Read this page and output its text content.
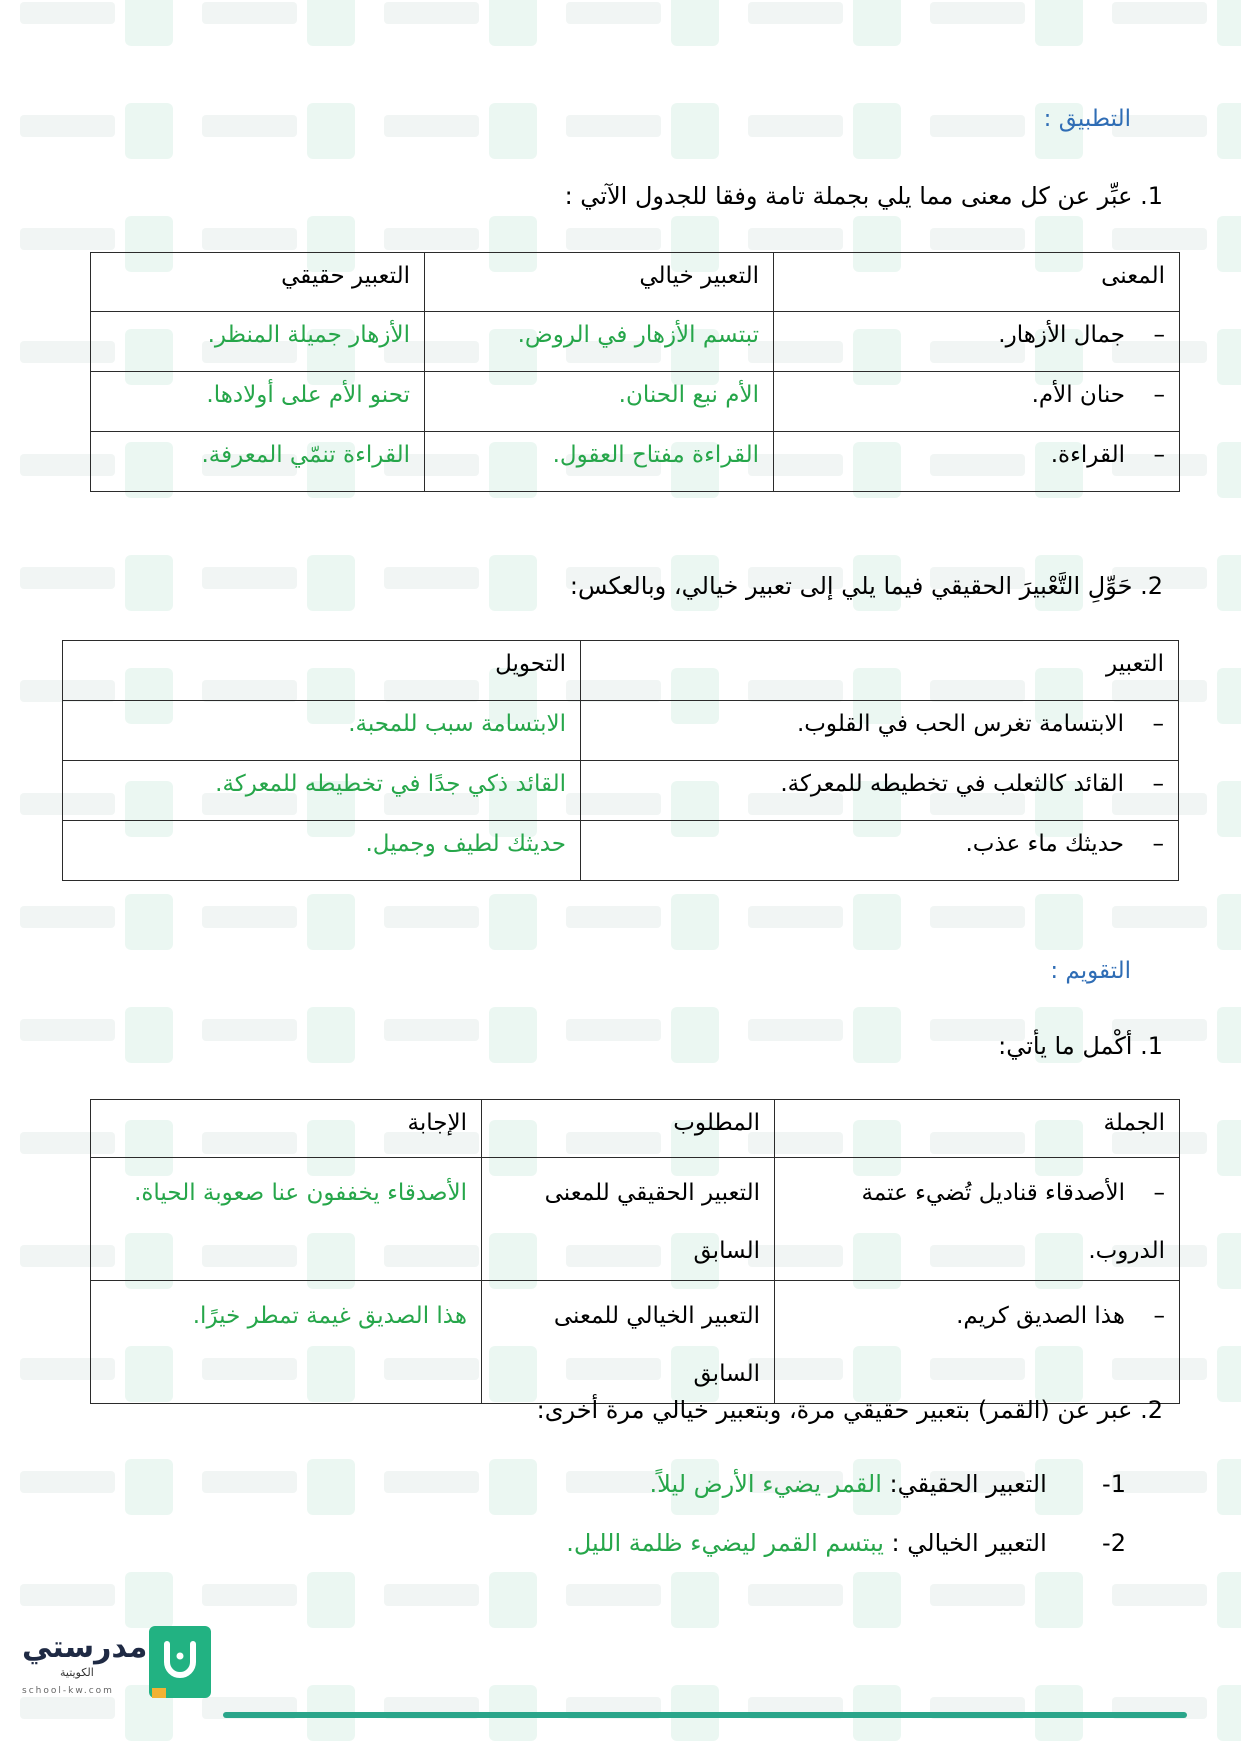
التطبيق :
1. عبِّر عن كل معنى مما يلي بجملة تامة وفقا للجدول الآتي :
المعنى	التعبير خيالي	التعبير حقيقي
–جمال الأزهار.	تبتسم الأزهار في الروض.	الأزهار جميلة المنظر.
–حنان الأم.	الأم نبع الحنان.	تحنو الأم على أولادها.
–القراءة.	القراءة مفتاح العقول.	القراءة تنمّي المعرفة.
2. حَوِّلِ التَّعْبيرَ الحقيقي فيما يلي إلى تعبير خيالي، وبالعكس:
التعبير	التحويل
–الابتسامة تغرس الحب في القلوب.	الابتسامة سبب للمحبة.
–القائد كالثعلب في تخطيطه للمعركة.	القائد ذكي جدًا في تخطيطه للمعركة.
–حديثك ماء عذب.	حديثك لطيف وجميل.
التقويم :
1. أكْمل ما يأتي:
الجملة	المطلوب	الإجابة
–الأصدقاء قناديل تُضيء عتمة الدروب.	التعبير الحقيقي للمعنى السابق	الأصدقاء يخففون عنا صعوبة الحياة.
–هذا الصديق كريم.	التعبير الخيالي للمعنى السابق	هذا الصديق غيمة تمطر خيرًا.
2. عبر عن (القمر) بتعبير حقيقي مرة، وبتعبير خيالي مرة أخرى:
1-  التعبير الحقيقي: القمر يضيء الأرض ليلاً.
2-  التعبير الخيالي : يبتسم القمر ليضيء ظلمة الليل.
مدرستي
الكويتية
school-kw.com
